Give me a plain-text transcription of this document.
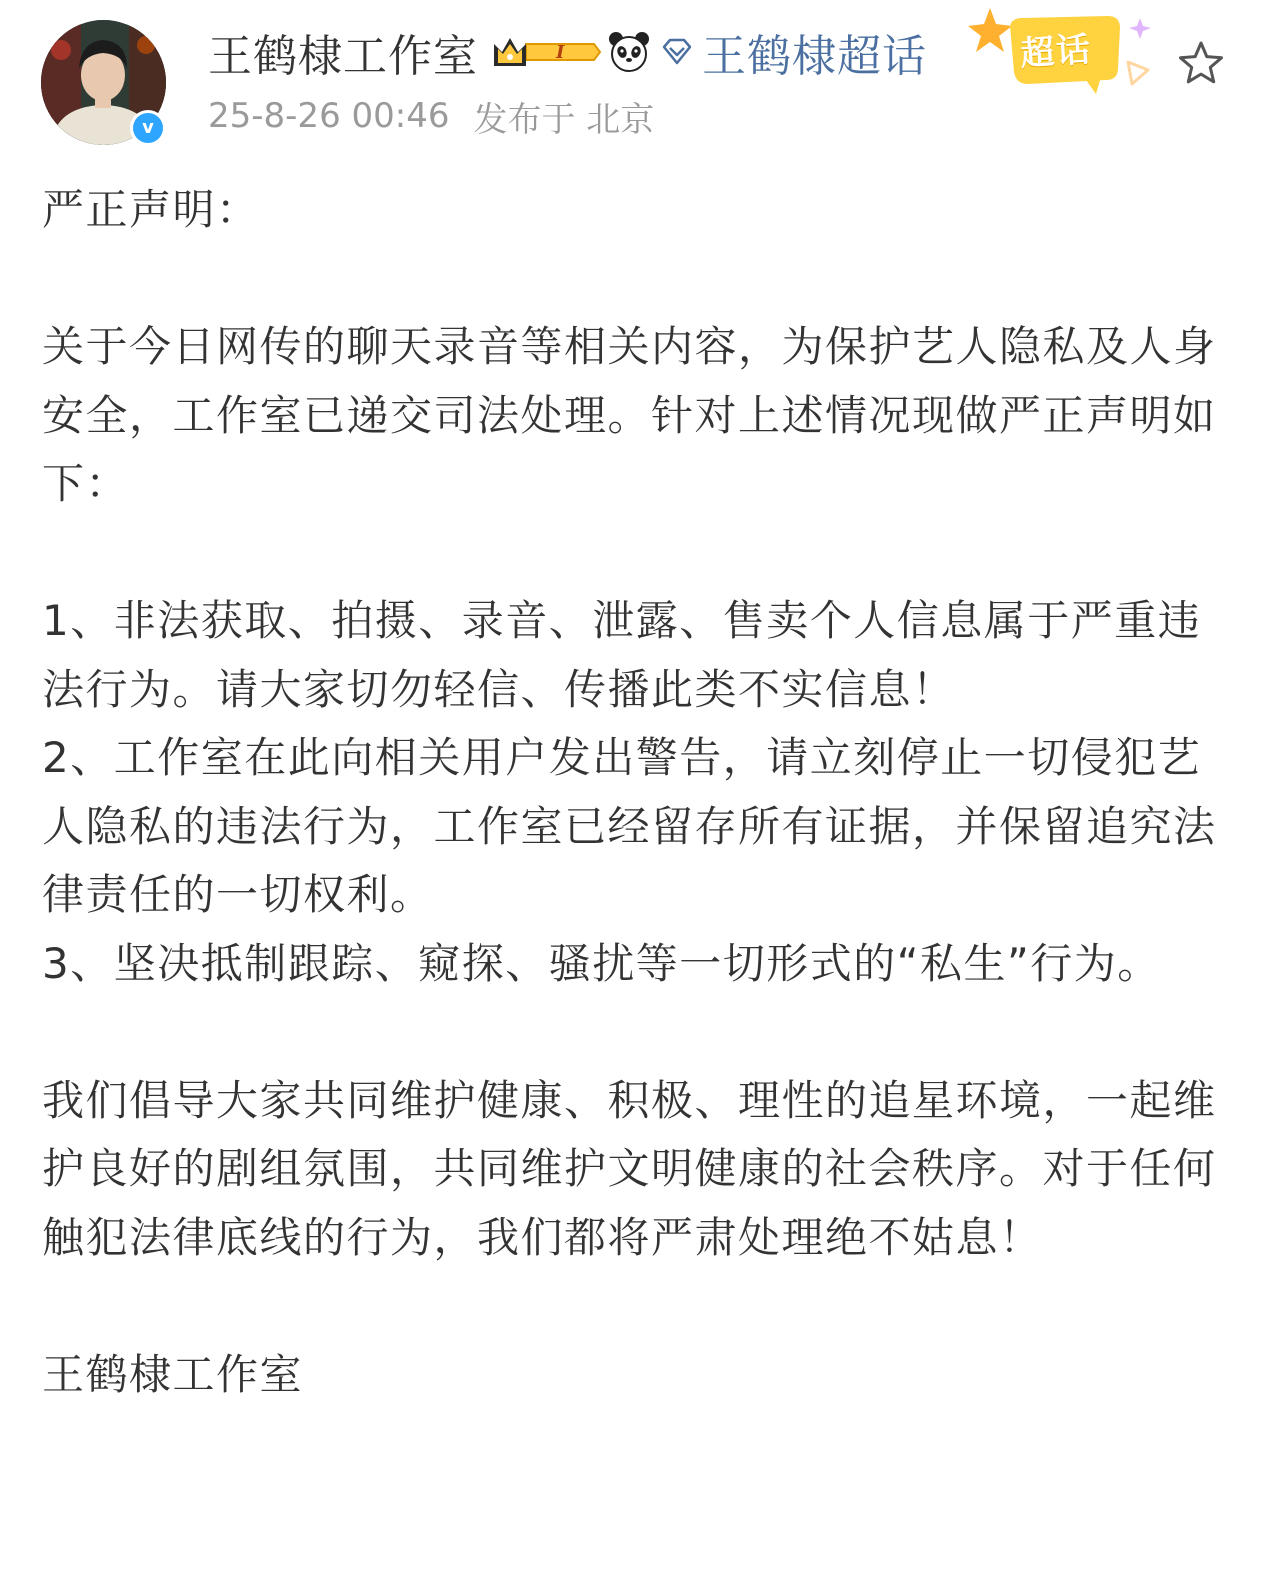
v
王鹤棣工作室	I	王鹤棣超话
25-8-26 00:46 发布于 北京
超话

严正声明：

关于今日网传的聊天录音等相关内容，为保护艺人隐私及人身安全，工作室已递交司法处理。针对上述情况现做严正声明如下：

1、非法获取、拍摄、录音、泄露、售卖个人信息属于严重违法行为。请大家切勿轻信、传播此类不实信息！

2、工作室在此向相关用户发出警告，请立刻停止一切侵犯艺人隐私的违法行为，工作室已经留存所有证据，并保留追究法律责任的一切权利。

3、坚决抵制跟踪、窥探、骚扰等一切形式的“私生”行为。

我们倡导大家共同维护健康、积极、理性的追星环境，一起维护良好的剧组氛围，共同维护文明健康的社会秩序。对于任何触犯法律底线的行为，我们都将严肃处理绝不姑息！

王鹤棣工作室
